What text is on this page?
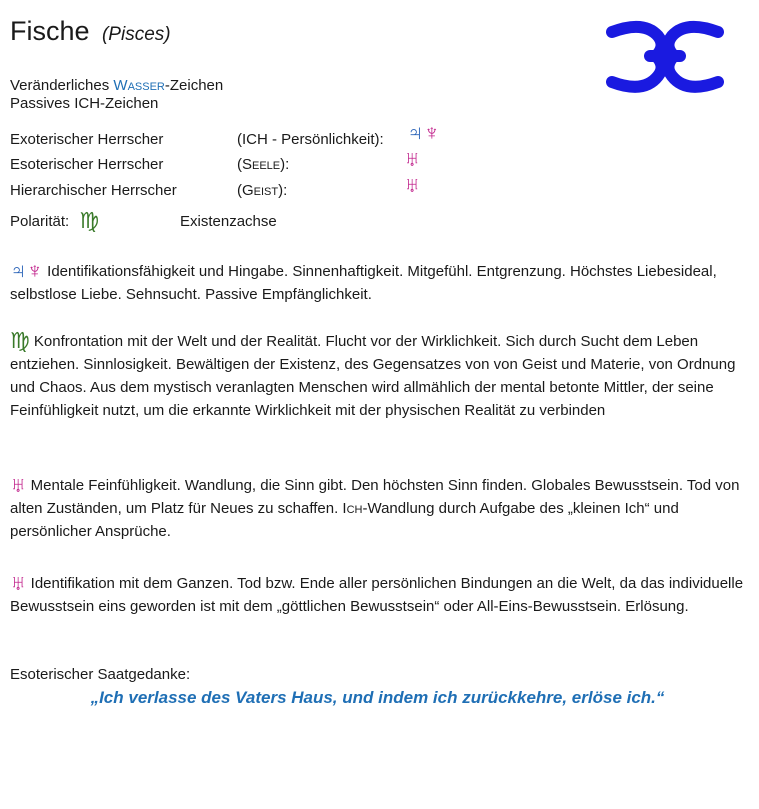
Fische (Pisces)
Veränderliches Wasser-Zeichen
Passives ICH-Zeichen
Exoterischer Herrscher	(ICH - Persönlichkeit): ♃♆
Esoterischer Herrscher	(Seele):	♅
Hierarchischer Herrscher	(Geist):	♅
Polarität: ♍	Existenzachse
♃♆ Identifikationsfähigkeit und Hingabe. Sinnenhaftigkeit. Mitgefühl. Entgrenzung. Höchstes Liebesideal, selbstlose Liebe. Sehnsucht. Passive Empfänglichkeit.
♍ Konfrontation mit der Welt und der Realität. Flucht vor der Wirklichkeit. Sich durch Sucht dem Leben entziehen. Sinnlosigkeit. Bewältigen der Existenz, des Gegensatzes von von Geist und Materie, von Ordnung und Chaos. Aus dem mystisch veranlagten Menschen wird allmählich der mental betonte Mittler, der seine Feinfühligkeit nutzt, um die erkannte Wirklichkeit mit der physischen Realität zu verbinden
♅ Mentale Feinfühligkeit. Wandlung, die Sinn gibt. Den höchsten Sinn finden. Globales Bewusstsein. Tod von alten Zuständen, um Platz für Neues zu schaffen. Ich-Wandlung durch Aufgabe des „kleinen Ich“ und persönlicher Ansprüche.
♅ Identifikation mit dem Ganzen. Tod bzw. Ende aller persönlichen Bindungen an die Welt, da das individuelle Bewusstsein eins geworden ist mit dem „göttlichen Bewusstsein“ oder All-Eins-Bewusstsein. Erlösung.
Esoterischer Saatgedanke:
„Ich verlasse des Vaters Haus, und indem ich zurückkehre, erlöse ich.“
